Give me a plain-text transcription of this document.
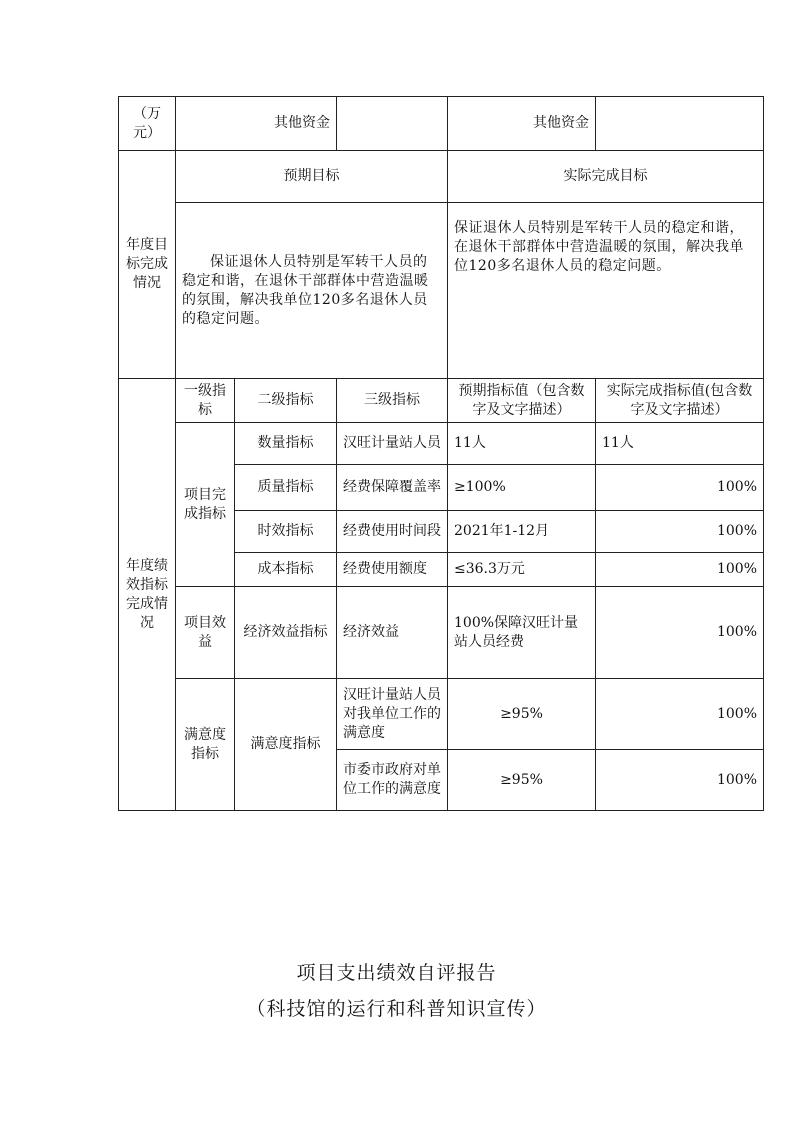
（万元）	其他资金			其他资金	
年度目标完成情况	预期目标			实际完成目标	
	保证退休人员特别是军转干人员的稳定和谐，在退休干部群体中营造温暖的氛围，解决我单位120多名退休人员的稳定问题。			保证退休人员特别是军转干人员的稳定和谐，在退休干部群体中营造温暖的氛围，解决我单位120多名退休人员的稳定问题。	
年度绩效指标完成情况	一级指标	二级指标	三级指标	预期指标值（包含数字及文字描述）	实际完成指标值(包含数字及文字描述）
	项目完成指标	数量指标	汉旺计量站人员	11人	11人
		质量指标	经费保障覆盖率	≥100%	100%
		时效指标	经费使用时间段	2021年1-12月	100%
		成本指标	经费使用额度	≤36.3万元	100%
	项目效益	经济效益指标	经济效益	100%保障汉旺计量站人员经费	100%
	满意度指标	满意度指标	汉旺计量站人员对我单位工作的满意度	≥95%	100%
			市委市政府对单位工作的满意度	≥95%	100%
项目支出绩效自评报告
（科技馆的运行和科普知识宣传）
